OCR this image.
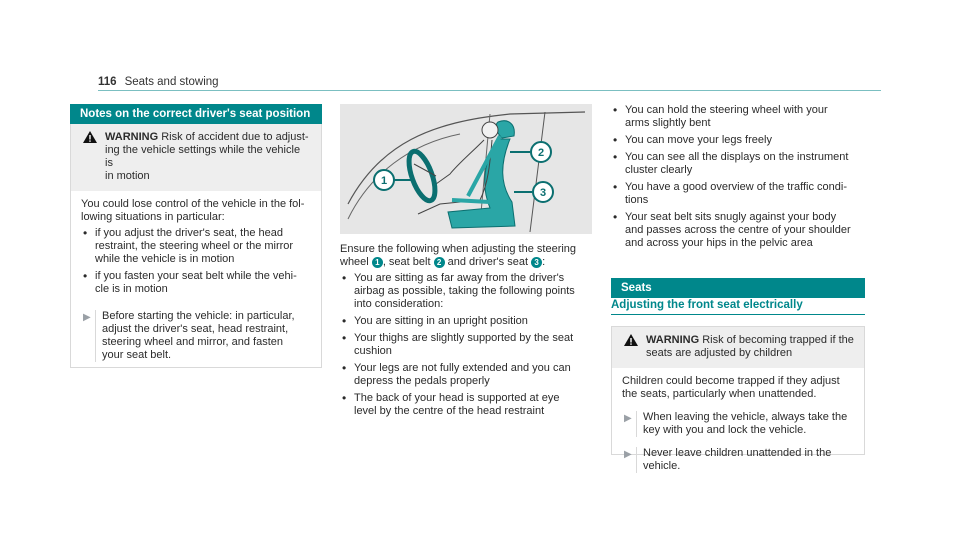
116 Seats and stowing
Notes on the correct driver's seat position
WARNING Risk of accident due to adjust-
ing the vehicle settings while the vehicle is
in motion
You could lose control of the vehicle in the fol-
lowing situations in particular:
• if you adjust the driver's seat, the head
restraint, the steering wheel or the mirror
while the vehicle is in motion
• if you fasten your seat belt while the vehi-
cle is in motion
▶	Before starting the vehicle: in particular,
adjust the driver's seat, head restraint,
steering wheel and mirror, and fasten
your seat belt.
1
2
3
Ensure the following when adjusting the steering
wheel 1 , seat belt 2 and driver's seat 3 :
• You are sitting as far away from the driver's
airbag as possible, taking the following points
into consideration:
• You are sitting in an upright position
• Your thighs are slightly supported by the seat
cushion
• Your legs are not fully extended and you can
depress the pedals properly
• The back of your head is supported at eye
level by the centre of the head restraint
• You can hold the steering wheel with your
arms slightly bent
• You can move your legs freely
• You can see all the displays on the instrument
cluster clearly
• You have a good overview of the traffic condi-
tions
• Your seat belt sits snugly against your body
and passes across the centre of your shoulder
and across your hips in the pelvic area
Seats
Adjusting the front seat electrically
WARNING Risk of becoming trapped if the
seats are adjusted by children
Children could become trapped if they adjust
the seats, particularly when unattended.
▶	When leaving the vehicle, always take the
key with you and lock the vehicle.
▶	Never leave children unattended in the
vehicle.
